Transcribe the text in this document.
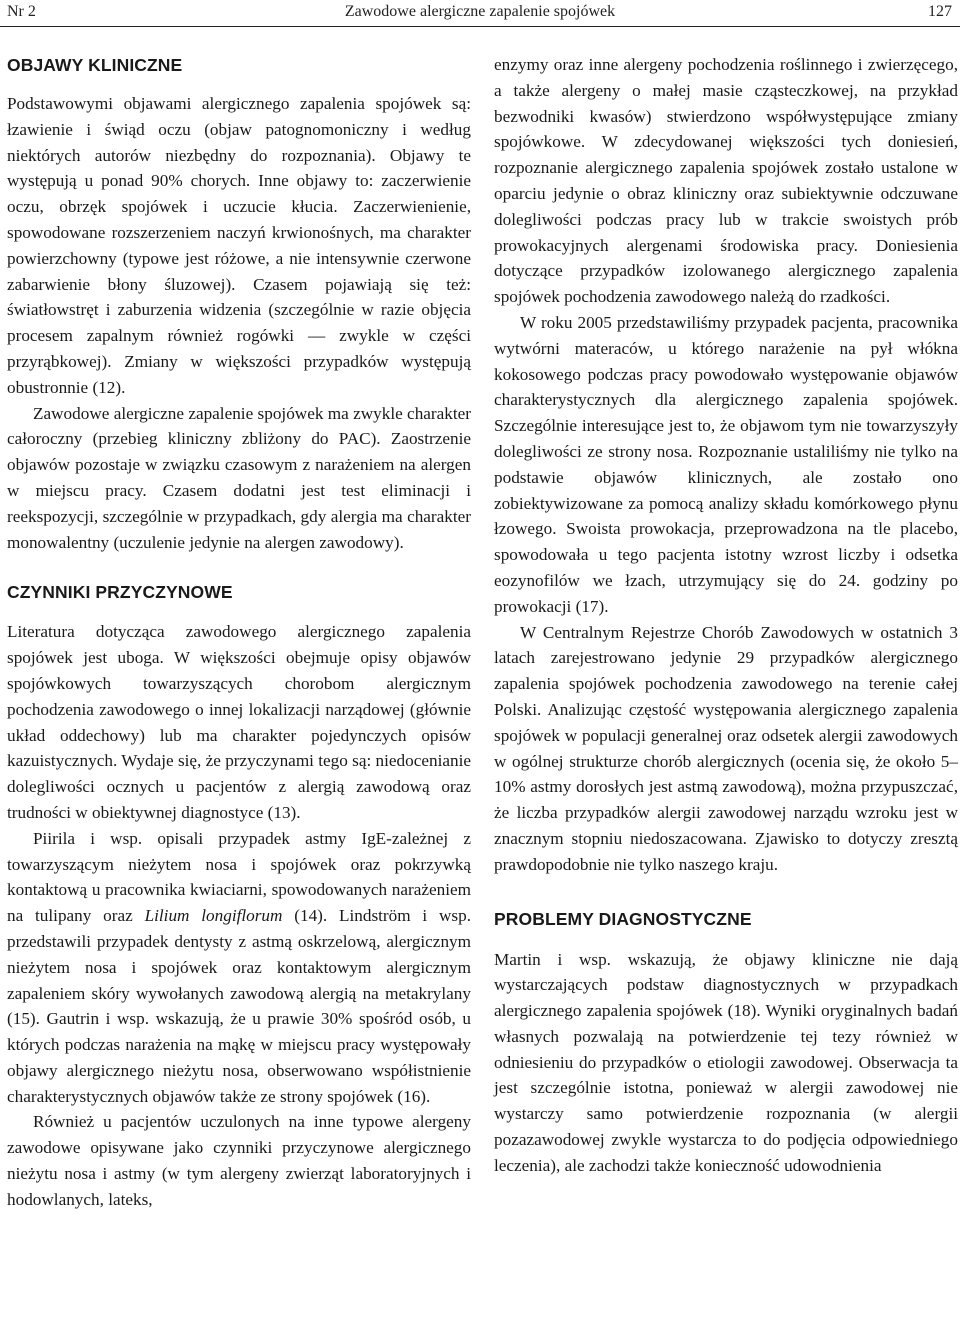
Nr 2	Zawodowe alergiczne zapalenie spojówek	127
OBJAWY KLINICZNE

Podstawowymi objawami alergicznego zapalenia spojówek są: łzawienie i świąd oczu (objaw patognomoniczny i według niektórych autorów niezbędny do rozpoznania). Objawy te występują u ponad 90% chorych. Inne objawy to: zaczerwienie oczu, obrzęk spojówek i uczucie kłucia. Zaczerwienienie, spowodowane rozszerzeniem naczyń krwionośnych, ma charakter powierzchowny (typowe jest różowe, a nie intensywnie czerwone zabarwienie błony śluzowej). Czasem pojawiają się też: światłowstręt i zaburzenia widzenia (szczególnie w razie objęcia procesem zapalnym również rogówki — zwykle w części przyrąbkowej). Zmiany w większości przypadków występują obustronnie (12).

Zawodowe alergiczne zapalenie spojówek ma zwykle charakter całoroczny (przebieg kliniczny zbliżony do PAC). Zaostrzenie objawów pozostaje w związku czasowym z narażeniem na alergen w miejscu pracy. Czasem dodatni jest test eliminacji i reekspozycji, szczególnie w przypadkach, gdy alergia ma charakter monowalentny (uczulenie jedynie na alergen zawodowy).

CZYNNIKI PRZYCZYNOWE

Literatura dotycząca zawodowego alergicznego zapalenia spojówek jest uboga. W większości obejmuje opisy objawów spojówkowych towarzyszących chorobom alergicznym pochodzenia zawodowego o innej lokalizacji narządowej (głównie układ oddechowy) lub ma charakter pojedynczych opisów kazuistycznych. Wydaje się, że przyczynami tego są: niedocenianie dolegliwości ocznych u pacjentów z alergią zawodową oraz trudności w obiektywnej diagnostyce (13).

Piirila i wsp. opisali przypadek astmy IgE-zależnej z towarzyszącym nieżytem nosa i spojówek oraz pokrzywką kontaktową u pracownika kwiaciarni, spowodowanych narażeniem na tulipany oraz Lilium longiflorum (14). Lindström i wsp. przedstawili przypadek dentysty z astmą oskrzelową, alergicznym nieżytem nosa i spojówek oraz kontaktowym alergicznym zapaleniem skóry wywołanych zawodową alergią na metakrylany (15). Gautrin i wsp. wskazują, że u prawie 30% spośród osób, u których podczas narażenia na mąkę w miejscu pracy występowały objawy alergicznego nieżytu nosa, obserwowano współistnienie charakterystycznych objawów także ze strony spojówek (16).

Również u pacjentów uczulonych na inne typowe alergeny zawodowe opisywane jako czynniki przyczynowe alergicznego nieżytu nosa i astmy (w tym alergeny zwierząt laboratoryjnych i hodowlanych, lateks,

enzymy oraz inne alergeny pochodzenia roślinnego i zwierzęcego, a także alergeny o małej masie cząsteczkowej, na przykład bezwodniki kwasów) stwierdzono współwystępujące zmiany spojówkowe. W zdecydowanej większości tych doniesień, rozpoznanie alergicznego zapalenia spojówek zostało ustalone w oparciu jedynie o obraz kliniczny oraz subiektywnie odczuwane dolegliwości podczas pracy lub w trakcie swoistych prób prowokacyjnych alergenami środowiska pracy. Doniesienia dotyczące przypadków izolowanego alergicznego zapalenia spojówek pochodzenia zawodowego należą do rzadkości.

W roku 2005 przedstawiliśmy przypadek pacjenta, pracownika wytwórni materaców, u którego narażenie na pył włókna kokosowego podczas pracy powodowało występowanie objawów charakterystycznych dla alergicznego zapalenia spojówek. Szczególnie interesujące jest to, że objawom tym nie towarzyszyły dolegliwości ze strony nosa. Rozpoznanie ustaliliśmy nie tylko na podstawie objawów klinicznych, ale zostało ono zobiektywizowane za pomocą analizy składu komórkowego płynu łzowego. Swoista prowokacja, przeprowadzona na tle placebo, spowodowała u tego pacjenta istotny wzrost liczby i odsetka eozynofilów we łzach, utrzymujący się do 24. godziny po prowokacji (17).

W Centralnym Rejestrze Chorób Zawodowych w ostatnich 3 latach zarejestrowano jedynie 29 przypadków alergicznego zapalenia spojówek pochodzenia zawodowego na terenie całej Polski. Analizując częstość występowania alergicznego zapalenia spojówek w populacji generalnej oraz odsetek alergii zawodowych w ogólnej strukturze chorób alergicznych (ocenia się, że około 5–10% astmy dorosłych jest astmą zawodową), można przypuszczać, że liczba przypadków alergii zawodowej narządu wzroku jest w znacznym stopniu niedoszacowana. Zjawisko to dotyczy zresztą prawdopodobnie nie tylko naszego kraju.

PROBLEMY DIAGNOSTYCZNE

Martin i wsp. wskazują, że objawy kliniczne nie dają wystarczających podstaw diagnostycznych w przypadkach alergicznego zapalenia spojówek (18). Wyniki oryginalnych badań własnych pozwalają na potwierdzenie tej tezy również w odniesieniu do przypadków o etiologii zawodowej. Obserwacja ta jest szczególnie istotna, ponieważ w alergii zawodowej nie wystarczy samo potwierdzenie rozpoznania (w alergii pozazawodowej zwykle wystarcza to do podjęcia odpowiedniego leczenia), ale zachodzi także konieczność udowodnienia
